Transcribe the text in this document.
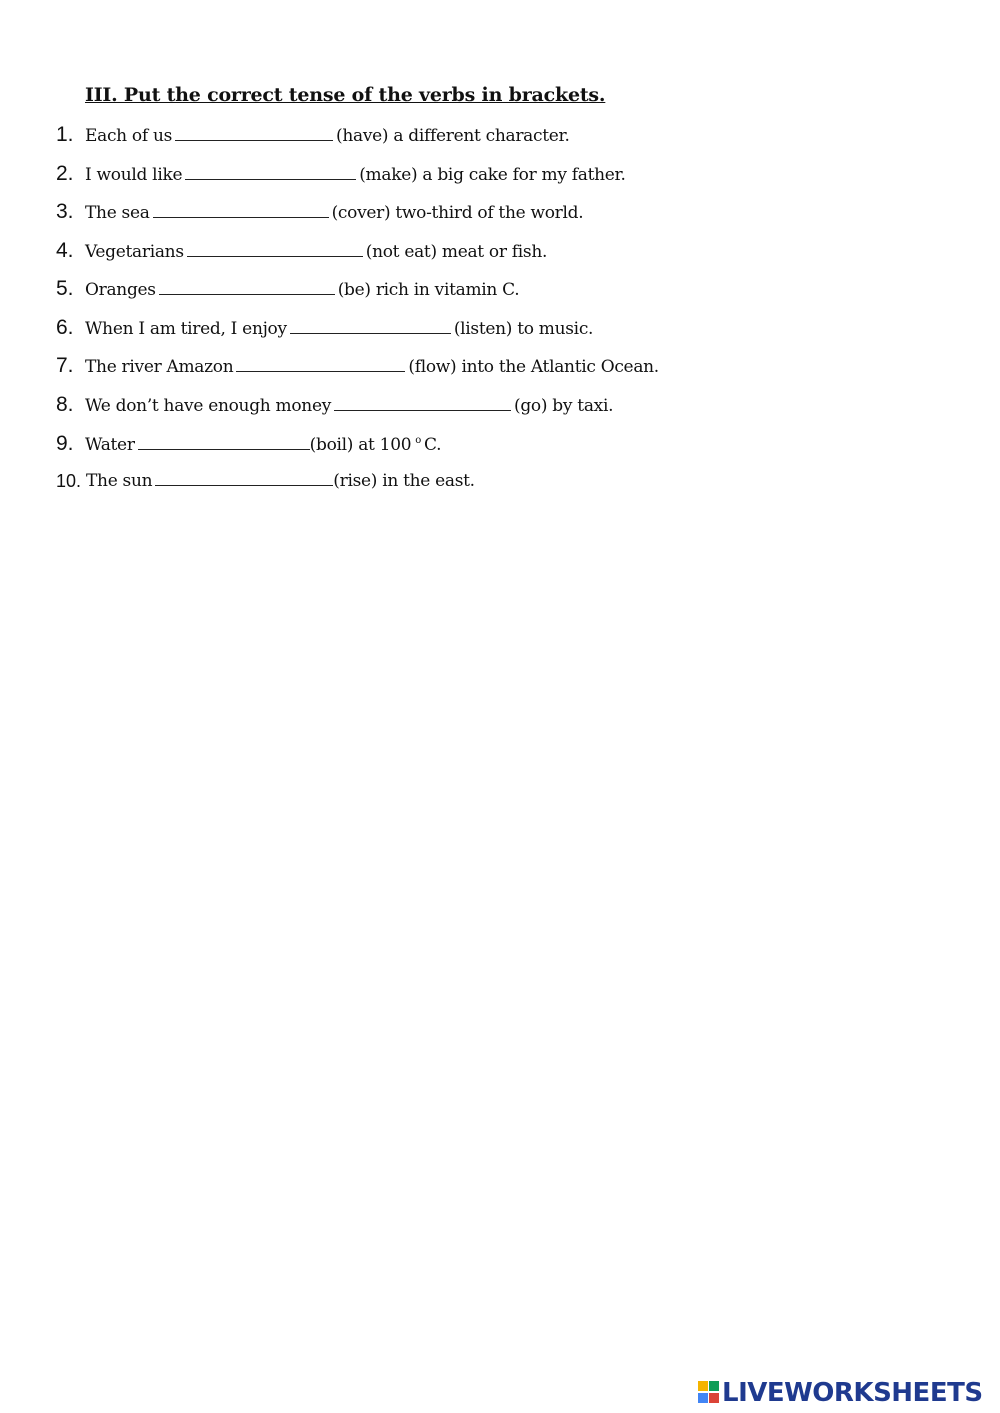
III. Put the correct tense of the verbs in brackets.
1. Each of us	(have) a different character.
2. I would like	(make) a big cake for my father.
3. The sea	(cover) two-third of the world.
4. Vegetarians	(not eat) meat or fish.
5. Oranges	(be) rich in vitamin C.
6. When I am tired, I enjoy	(listen) to music.
7. The river Amazon	(flow) into the Atlantic Ocean.
8. We don’t have enough money	(go) by taxi.
9. Water	(boil) at 100 $^o$ C.
10. The sun	(rise) in the east.
LIVEWORKSHEETS
